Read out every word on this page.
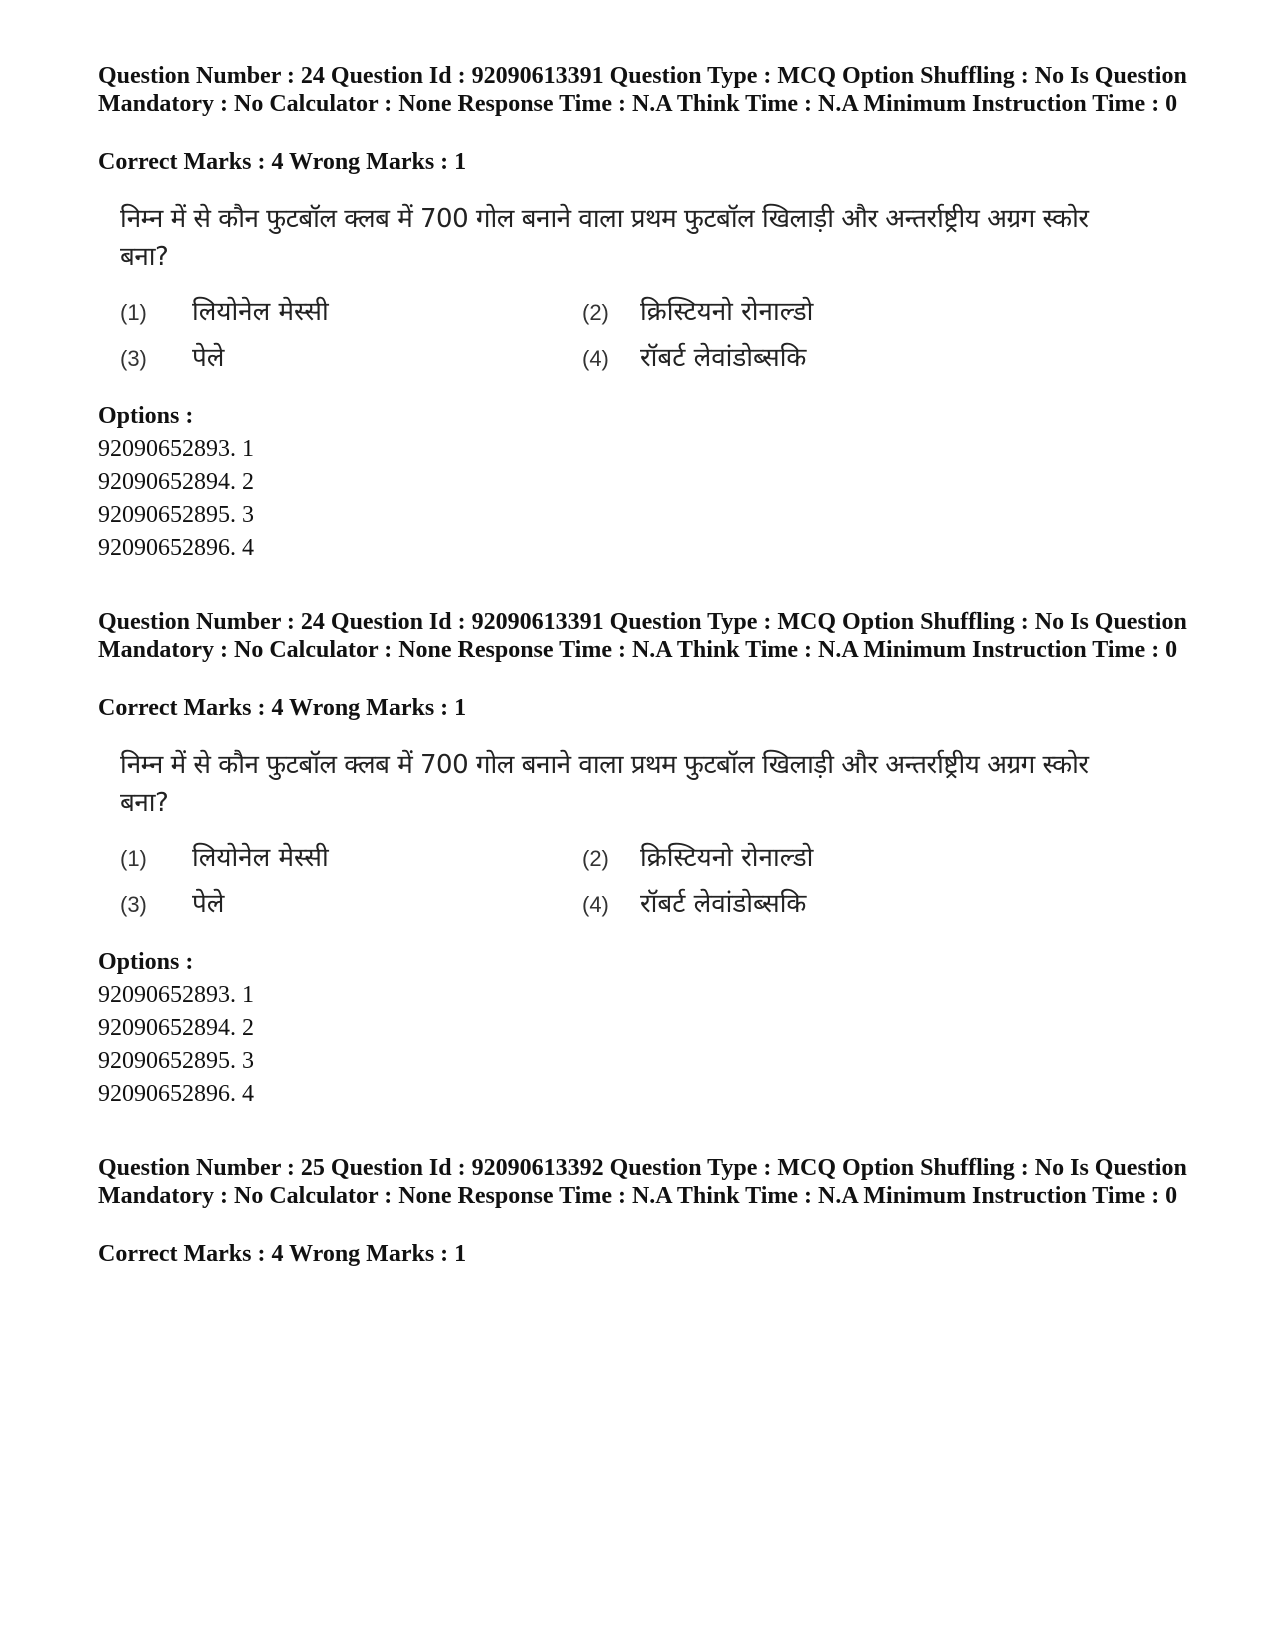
Question Number : 24 Question Id : 92090613391 Question Type : MCQ Option Shuffling : No Is Question Mandatory : No Calculator : None Response Time : N.A Think Time : N.A Minimum Instruction Time : 0
Correct Marks : 4 Wrong Marks : 1
निम्न में से कौन फुटबॉल क्लब में 700 गोल बनाने वाला प्रथम फुटबॉल खिलाड़ी और अन्तर्राष्ट्रीय अग्रग स्कोर बना?
(1) लियोनेल मेस्सी	(2) क्रिस्टियनो रोनाल्डो
(3) पेले	(4) रॉबर्ट लेवांडोब्सकि
Options :
92090652893. 1
92090652894. 2
92090652895. 3
92090652896. 4
Question Number : 24 Question Id : 92090613391 Question Type : MCQ Option Shuffling : No Is Question Mandatory : No Calculator : None Response Time : N.A Think Time : N.A Minimum Instruction Time : 0
Correct Marks : 4 Wrong Marks : 1
निम्न में से कौन फुटबॉल क्लब में 700 गोल बनाने वाला प्रथम फुटबॉल खिलाड़ी और अन्तर्राष्ट्रीय अग्रग स्कोर बना?
(1) लियोनेल मेस्सी	(2) क्रिस्टियनो रोनाल्डो
(3) पेले	(4) रॉबर्ट लेवांडोब्सकि
Options :
92090652893. 1
92090652894. 2
92090652895. 3
92090652896. 4
Question Number : 25 Question Id : 92090613392 Question Type : MCQ Option Shuffling : No Is Question Mandatory : No Calculator : None Response Time : N.A Think Time : N.A Minimum Instruction Time : 0
Correct Marks : 4 Wrong Marks : 1
